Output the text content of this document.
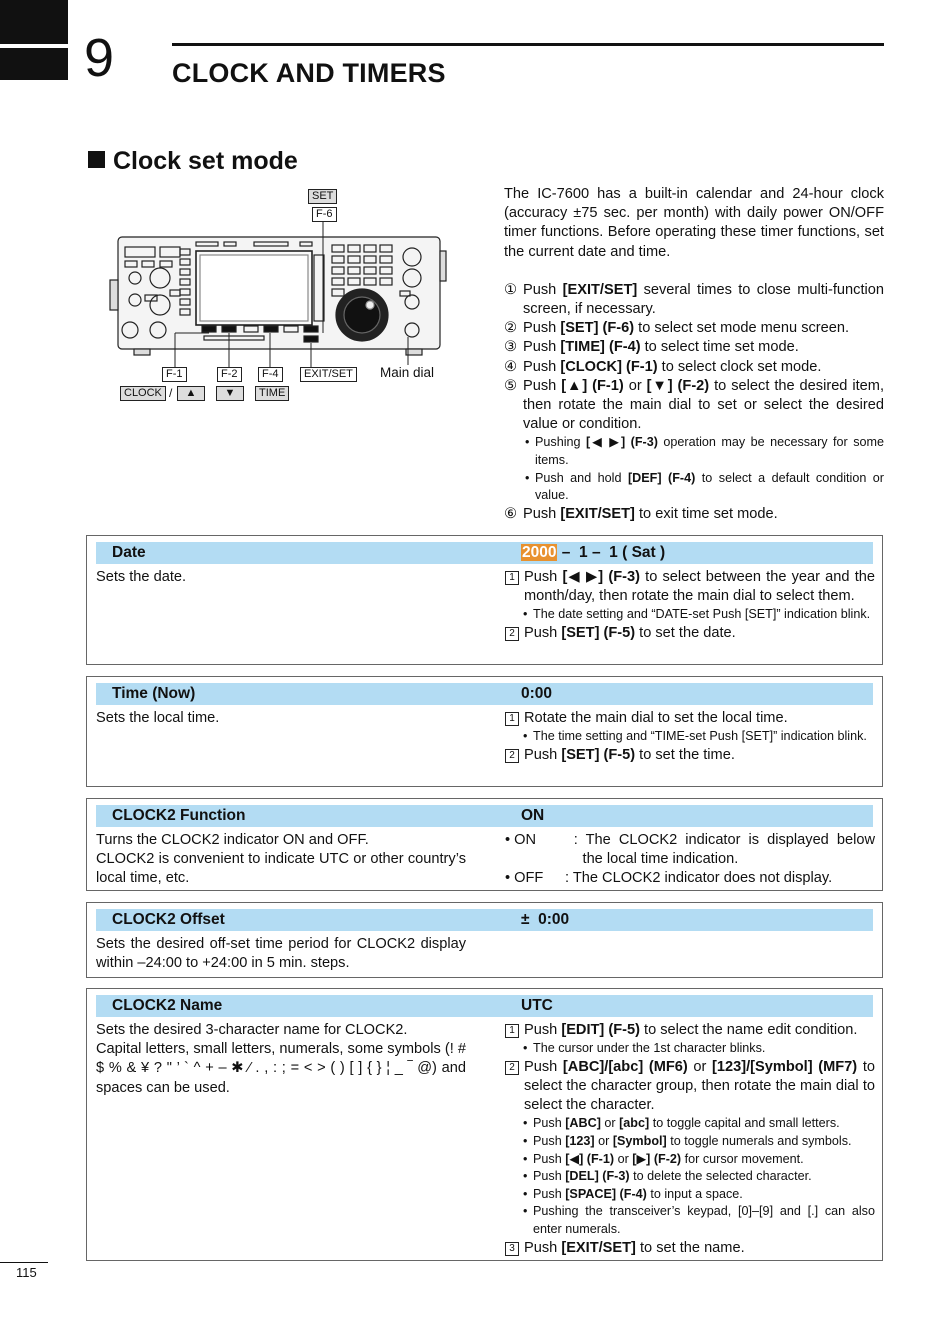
9 CLOCK AND TIMERS
Clock set mode
SET
F-6
F-1	F-2	F-4	EXIT/SET Main dial
CLOCK /	▲	▼	TIME

The IC-7600 has a built-in calendar and 24-hour clock (accuracy ±75 sec. per month) with daily power ON/OFF timer functions. Before operating these timer functions, set the current date and time.

① Push [EXIT/SET] several times to close multi-function screen, if necessary.
② Push [SET] (F-6) to select set mode menu screen.
③ Push [TIME] (F-4) to select time set mode.
④ Push [CLOCK] (F-1) to select clock set mode.
⑤ Push [▲] (F-1) or [▼] (F-2) to select the desired item, then rotate the main dial to set or select the desired value or condition.
• Pushing [◀ ▶] (F-3) operation may be necessary for some items.
• Push and hold [DEF] (F-4) to select a default condition or value.
⑥ Push [EXIT/SET] to exit time set mode.
Date	2000 –  1 –  1 ( Sat )
Sets the date.	1 Push [◀ ▶] (F-3) to select between the year and the month/day, then rotate the main dial to select them.
• The date setting and “DATE-set Push [SET]” indication blink.
2 Push [SET] (F-5) to set the date.
Time (Now)	0:00
Sets the local time.	1 Rotate the main dial to set the local time.
• The time setting and “TIME-set Push [SET]” indication blink.
2 Push [SET] (F-5) to set the time.
CLOCK2 Function	ON

Turns the CLOCK2 indicator ON and OFF.

CLOCK2 is convenient to indicate UTC or other country’s local time, etc.

• ON	: The CLOCK2 indicator is displayed below the local time indication.
• OFF	: The CLOCK2 indicator does not display.
CLOCK2 Offset	±  0:00
Sets the desired off-set time period for CLOCK2 display within –24:00 to +24:00 in 5 min. steps.
CLOCK2 Name	UTC

Sets the desired 3-character name for CLOCK2.

Capital letters, small letters, numerals, some symbols (! # $ % & ¥ ? " ’ ` ^ + – ✱ ⁄ . , : ; = < > ( ) [ ] { } ¦ _ ‾ @) and spaces can be used.

1 Push [EDIT] (F-5) to select the name edit condition.
• The cursor under the 1st character blinks.
2 Push [ABC]/[abc] (MF6) or [123]/[Symbol] (MF7) to select the character group, then rotate the main dial to select the character.
• Push [ABC] or [abc] to toggle capital and small letters.
• Push [123] or [Symbol] to toggle numerals and symbols.
• Push [◀] (F-1) or [▶] (F-2) for cursor movement.
• Push [DEL] (F-3) to delete the selected character.
• Push [SPACE] (F-4) to input a space.
• Pushing the transceiver’s keypad, [0]–[9] and [.] can also enter numerals.
3 Push [EXIT/SET] to set the name.
115
